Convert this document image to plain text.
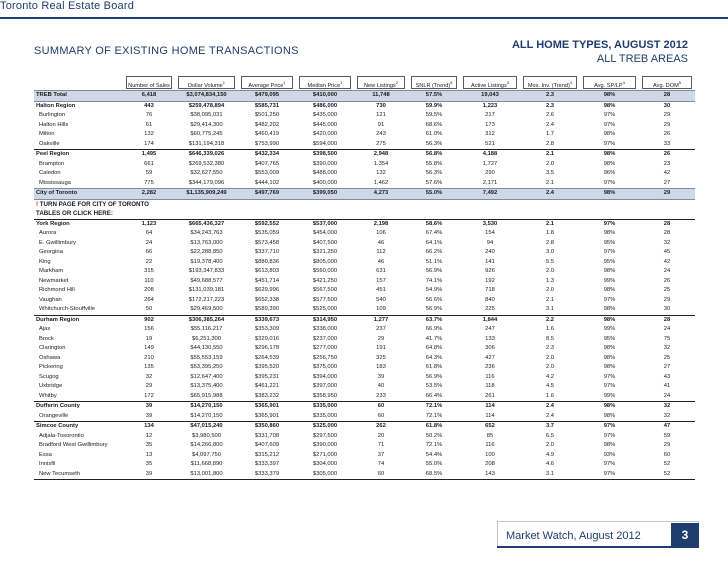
Toronto Real Estate Board
SUMMARY OF EXISTING HOME TRANSACTIONS	ALL HOME TYPES, AUGUST 2012
ALL TREB AREAS

	Number of Sales	Dollar Volume$^1$	Average Price$^1$	Median Price$^1$	New Listings$^2$	SNLR (Trend)$^8$	Active Listings$^3$	Mos. Inv. (Trend)$^4$	Avg. $SP/LP^4$	Avg. DOM$^5$

TREB Total	6,418	$3,074,834,150	$479,095	$410,000	11,748	57.5%	19,043	2.3	98%	28
Halton Region	443	$259,478,894	$585,731	$486,000	730	59.9%	1,223	2.3	98%	30
Burlington	76	$38,095,031	$501,250	$435,000	121	59.5%	217	2.6	97%	29
Halton Hills	61	$29,414,300	$482,202	$445,000	91	68.6%	173	2.4	97%	29
Milton	132	$60,775,245	$460,419	$420,000	243	61.0%	312	1.7	98%	26
Oakville	174	$131,194,318	$753,990	$594,000	275	56.3%	521	2.8	97%	33
Peel Region	1,495	$646,339,026	$432,334	$398,500	2,948	56.8%	4,188	2.1	98%	26
Brampton	661	$269,532,380	$407,765	$390,000	1,354	55.8%	1,727	2.0	98%	23
Caledon	59	$32,627,550	$553,009	$488,000	132	56.3%	290	3.5	96%	42
Mississauga	775	$344,179,096	$444,102	$400,000	1,462	57.6%	2,171	2.1	97%	27
City of Toronto	2,282	$1,135,909,249	$497,769	$399,050	4,273	55.0%	7,492	2.4	98%	29
! TURN PAGE FOR CITY OF TORONTO										
TABLES OR CLICK HERE:										
York Region	1,123	$665,436,327	$592,552	$537,000	2,198	58.6%	3,530	2.1	97%	28
Aurora	64	$34,243,763	$535,059	$454,000	106	67.4%	154	1.8	98%	28
E. Gwillimbury	24	$13,763,000	$573,458	$407,500	46	64.1%	94	2.8	95%	32
Georgina	66	$22,288,850	$337,710	$321,250	112	66.2%	240	3.0	97%	45
King	22	$19,378,400	$880,836	$805,000	46	51.1%	141	5.5	95%	42
Markham	315	$193,347,833	$613,803	$560,000	631	56.9%	926	2.0	98%	24
Newmarket	110	$49,688,577	$451,714	$421,250	157	74.1%	192	1.3	99%	26
Richmond Hill	208	$131,039,181	$629,996	$567,500	451	54.9%	718	2.0	98%	25
Vaughan	264	$172,217,223	$652,338	$577,500	540	56.6%	840	2.1	97%	29
Whitchurch-Stouffville	50	$29,469,500	$589,390	$525,000	109	56.9%	225	3.1	98%	30
Durham Region	902	$306,385,264	$339,673	$314,950	1,277	63.7%	1,844	2.2	98%	28
Ajax	156	$55,116,217	$353,309	$338,000	237	66.9%	247	1.6	99%	24
Brock	19	$6,251,300	$329,016	$237,000	29	41.7%	133	8.5	95%	75
Clarington	149	$44,130,550	$296,178	$277,000	191	64.8%	306	2.3	98%	32
Oshawa	210	$55,553,159	$264,539	$256,750	325	64.3%	427	2.0	98%	25
Pickering	135	$53,395,250	$395,520	$375,000	183	61.8%	236	2.0	98%	27
Scugog	32	$12,647,400	$395,231	$394,000	39	56.9%	116	4.2	97%	43
Uxbridge	29	$13,375,400	$461,221	$397,000	40	53.5%	118	4.5	97%	41
Whitby	172	$65,915,988	$383,232	$358,950	233	66.4%	261	1.6	99%	24
Dufferin County	39	$14,270,150	$365,901	$335,000	60	72.1%	114	2.4	98%	32
Orangeville	39	$14,270,150	$365,901	$335,000	60	72.1%	114	2.4	98%	32
Simcoe County	134	$47,015,240	$350,860	$325,000	262	61.8%	652	3.7	97%	47
Adjala-Tosorontio	12	$3,980,500	$331,708	$297,500	20	50.2%	85	6.5	97%	59
Bradford West Gwillimbury	35	$14,266,800	$407,609	$390,000	71	72.1%	116	2.0	98%	29
Essa	13	$4,097,750	$315,212	$271,000	37	54.4%	100	4.9	93%	60
Innisfil	35	$11,668,890	$333,397	$304,000	74	55.0%	208	4.6	97%	52
New Tecumseth	39	$13,001,800	$333,379	$305,000	60	68.5%	143	3.1	97%	52
Market Watch, August 2012	3
